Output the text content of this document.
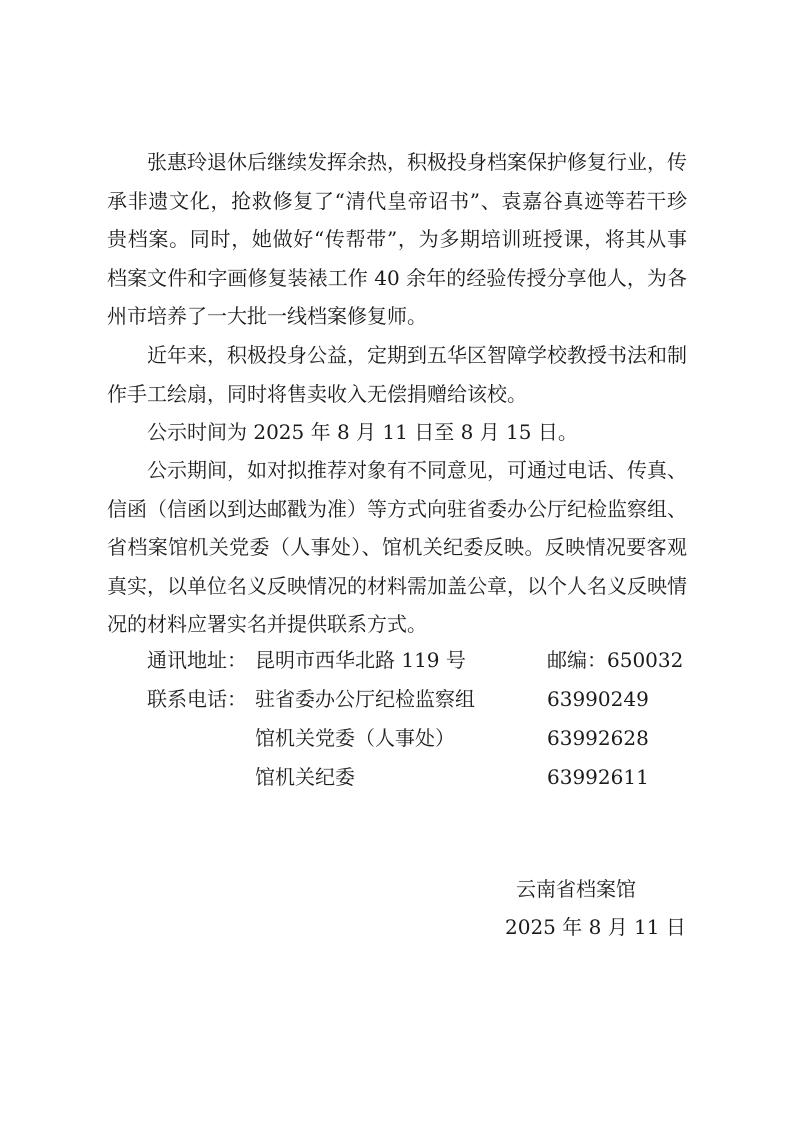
张惠玲退休后继续发挥余热，积极投身档案保护修复行业，传承非遗文化，抢救修复了“清代皇帝诏书”、袁嘉谷真迹等若干珍贵档案。同时，她做好“传帮带”，为多期培训班授课，将其从事档案文件和字画修复装裱工作 40 余年的经验传授分享他人，为各州市培养了一大批一线档案修复师。

近年来，积极投身公益，定期到五华区智障学校教授书法和制作手工绘扇，同时将售卖收入无偿捐赠给该校。

公示时间为 2025 年 8 月 11 日至 8 月 15 日。

公示期间，如对拟推荐对象有不同意见，可通过电话、传真、信函（信函以到达邮戳为准）等方式向驻省委办公厅纪检监察组、省档案馆机关党委（人事处）、馆机关纪委反映。反映情况要客观真实，以单位名义反映情况的材料需加盖公章，以个人名义反映情况的材料应署实名并提供联系方式。

通讯地址： 昆明市西华北路 119 号	邮编：650032
联系电话： 驻省委办公厅纪检监察组	63990249
馆机关党委（人事处）	63992628
馆机关纪委	63992611
云南省档案馆
2025 年 8 月 11 日
